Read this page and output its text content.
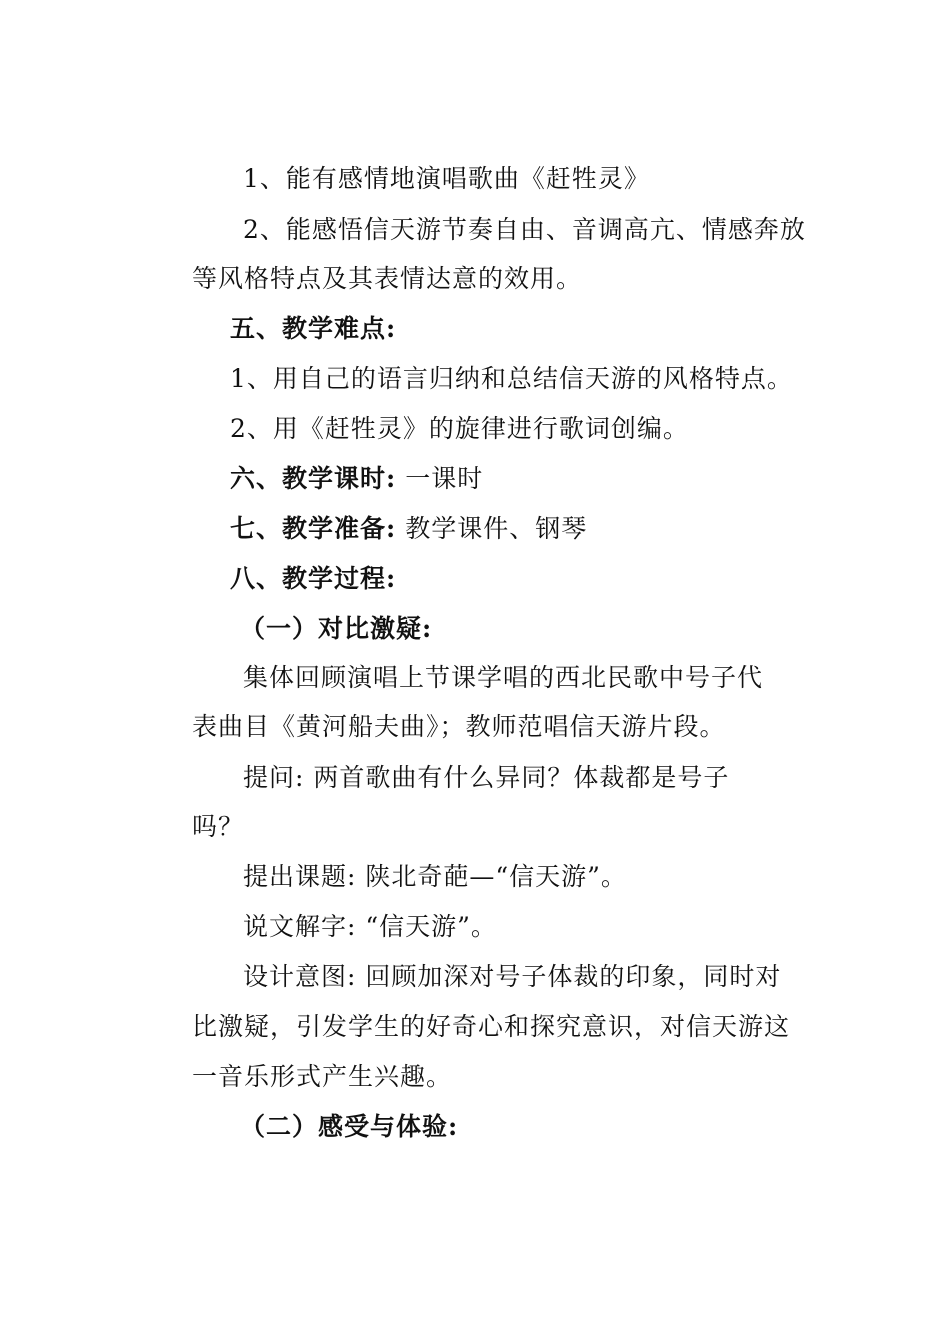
1、能有感情地演唱歌曲《赶牲灵》
2、能感悟信天游节奏自由、音调高亢、情感奔放
等风格特点及其表情达意的效用。
五、教学难点:
1、用自己的语言归纳和总结信天游的风格特点。
2、用《赶牲灵》的旋律进行歌词创编。
六、教学课时: 一课时
七、教学准备: 教学课件、钢琴
八、教学过程:
（一）对比激疑:
集体回顾演唱上节课学唱的西北民歌中号子代
表曲目《黄河船夫曲》；教师范唱信天游片段。
提问: 两首歌曲有什么异同？体裁都是号子
吗？
提出课题: 陕北奇葩—“信天游”。
说文解字: “信天游”。
设计意图: 回顾加深对号子体裁的印象，同时对
比激疑，引发学生的好奇心和探究意识，对信天游这
一音乐形式产生兴趣。
（二）感受与体验:
